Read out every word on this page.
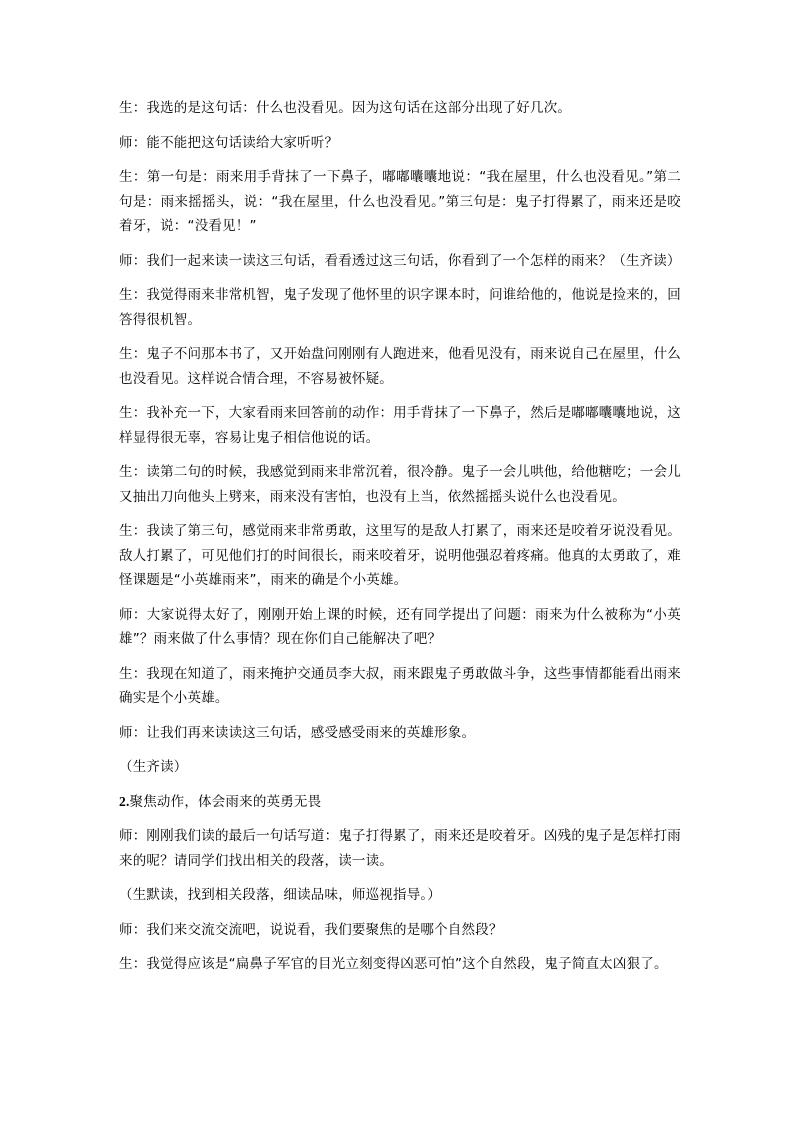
生：我选的是这句话：什么也没看见。因为这句话在这部分出现了好几次。

师：能不能把这句话读给大家听听？

生：第一句是：雨来用手背抹了一下鼻子，嘟嘟囔囔地说：“我在屋里，什么也没看见。”第二句是：雨来摇摇头，说：“我在屋里，什么也没看见。”第三句是：鬼子打得累了，雨来还是咬着牙，说：“没看见！”

师：我们一起来读一读这三句话，看看透过这三句话，你看到了一个怎样的雨来？（生齐读）

生：我觉得雨来非常机智，鬼子发现了他怀里的识字课本时，问谁给他的，他说是捡来的，回答得很机智。

生：鬼子不问那本书了，又开始盘问刚刚有人跑进来，他看见没有，雨来说自己在屋里，什么也没看见。这样说合情合理，不容易被怀疑。

生：我补充一下，大家看雨来回答前的动作：用手背抹了一下鼻子，然后是嘟嘟囔囔地说，这样显得很无辜，容易让鬼子相信他说的话。

生：读第二句的时候，我感觉到雨来非常沉着，很冷静。鬼子一会儿哄他，给他糖吃；一会儿又抽出刀向他头上劈来，雨来没有害怕，也没有上当，依然摇摇头说什么也没看见。

生：我读了第三句，感觉雨来非常勇敢，这里写的是敌人打累了，雨来还是咬着牙说没看见。敌人打累了，可见他们打的时间很长，雨来咬着牙，说明他强忍着疼痛。他真的太勇敢了，难怪课题是“小英雄雨来”，雨来的确是个小英雄。

师：大家说得太好了，刚刚开始上课的时候，还有同学提出了问题：雨来为什么被称为“小英雄”？雨来做了什么事情？现在你们自己能解决了吧？

生：我现在知道了，雨来掩护交通员李大叔，雨来跟鬼子勇敢做斗争，这些事情都能看出雨来确实是个小英雄。

师：让我们再来读读这三句话，感受感受雨来的英雄形象。

（生齐读）

2.聚焦动作，体会雨来的英勇无畏

师：刚刚我们读的最后一句话写道：鬼子打得累了，雨来还是咬着牙。凶残的鬼子是怎样打雨来的呢？请同学们找出相关的段落，读一读。

（生默读，找到相关段落，细读品味，师巡视指导。）

师：我们来交流交流吧，说说看，我们要聚焦的是哪个自然段？

生：我觉得应该是“扁鼻子军官的目光立刻变得凶恶可怕”这个自然段，鬼子简直太凶狠了。
